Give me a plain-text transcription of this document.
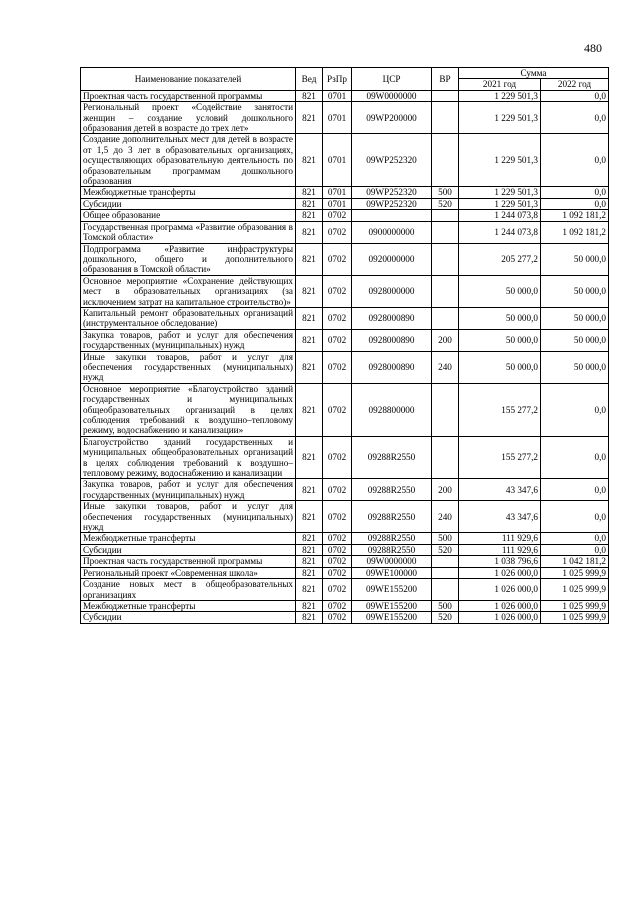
480
Наименование показателей	Вед	РзПр	ЦСР	ВР	Сумма	
					2021 год	2022 год
Проектная часть государственной программы	821	0701	09W0000000		1 229 501,3	0,0
Региональный проект «Содействие занятости женщин – создание условий дошкольного образования детей в возрасте до трех лет»	821	0701	09WP200000		1 229 501,3	0,0
Создание дополнительных мест для детей в возрасте от 1,5 до 3 лет в образовательных организациях, осуществляющих образовательную деятельность по образовательным программам дошкольного образования	821	0701	09WP252320		1 229 501,3	0,0
Межбюджетные трансферты	821	0701	09WP252320	500	1 229 501,3	0,0
Субсидии	821	0701	09WP252320	520	1 229 501,3	0,0
Общее образование	821	0702			1 244 073,8	1 092 181,2
Государственная программа «Развитие образования в Томской области»	821	0702	0900000000		1 244 073,8	1 092 181,2
Подпрограмма «Развитие инфраструктуры дошкольного, общего и дополнительного образования в Томской области»	821	0702	0920000000		205 277,2	50 000,0
Основное мероприятие «Сохранение действующих мест в образовательных организациях (за исключением затрат на капитальное строительство)»	821	0702	0928000000		50 000,0	50 000,0
Капитальный ремонт образовательных организаций (инструментальное обследование)	821	0702	0928000890		50 000,0	50 000,0
Закупка товаров, работ и услуг для обеспечения государственных (муниципальных) нужд	821	0702	0928000890	200	50 000,0	50 000,0
Иные закупки товаров, работ и услуг для обеспечения государственных (муниципальных) нужд	821	0702	0928000890	240	50 000,0	50 000,0
Основное мероприятие «Благоустройство зданий государственных и муниципальных общеобразовательных организаций в целях соблюдения требований к воздушно–тепловому режиму, водоснабжению и канализации»	821	0702	0928800000		155 277,2	0,0
Благоустройство зданий государственных и муниципальных общеобразовательных организаций в целях соблюдения требований к воздушно–тепловому режиму, водоснабжению и канализации	821	0702	09288R2550		155 277,2	0,0
Закупка товаров, работ и услуг для обеспечения государственных (муниципальных) нужд	821	0702	09288R2550	200	43 347,6	0,0
Иные закупки товаров, работ и услуг для обеспечения государственных (муниципальных) нужд	821	0702	09288R2550	240	43 347,6	0,0
Межбюджетные трансферты	821	0702	09288R2550	500	111 929,6	0,0
Субсидии	821	0702	09288R2550	520	111 929,6	0,0
Проектная часть государственной программы	821	0702	09W0000000		1 038 796,6	1 042 181,2
Региональный проект «Современная школа»	821	0702	09WE100000		1 026 000,0	1 025 999,9
Создание новых мест в общеобразовательных организациях	821	0702	09WE155200		1 026 000,0	1 025 999,9
Межбюджетные трансферты	821	0702	09WE155200	500	1 026 000,0	1 025 999,9
Субсидии	821	0702	09WE155200	520	1 026 000,0	1 025 999,9
